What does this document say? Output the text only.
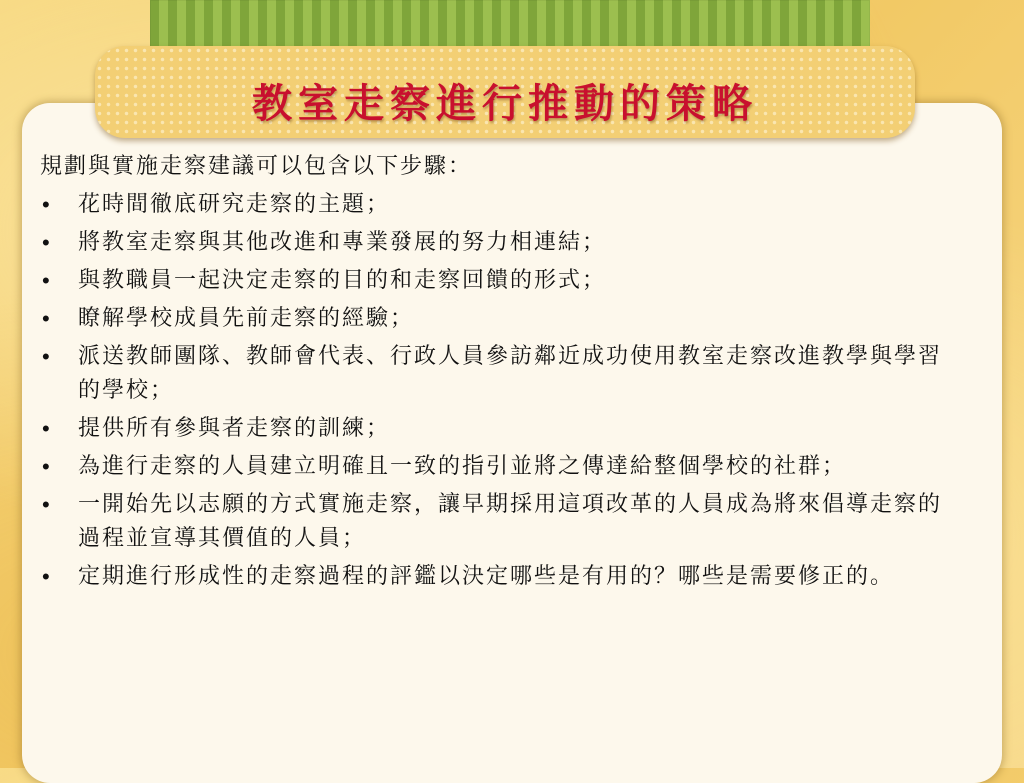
教室走察進行推動的策略
規劃與實施走察建議可以包含以下步驟：
•	花時間徹底研究走察的主題；
•	將教室走察與其他改進和專業發展的努力相連結；
•	與教職員一起決定走察的目的和走察回饋的形式；
•	瞭解學校成員先前走察的經驗；
•	派送教師團隊、教師會代表、行政人員參訪鄰近成功使用教室走察改進教學與學習的學校；
•	提供所有參與者走察的訓練；
•	為進行走察的人員建立明確且一致的指引並將之傳達給整個學校的社群；
•	一開始先以志願的方式實施走察，讓早期採用這項改革的人員成為將來倡導走察的過程並宣導其價值的人員；
•	定期進行形成性的走察過程的評鑑以決定哪些是有用的？哪些是需要修正的。
